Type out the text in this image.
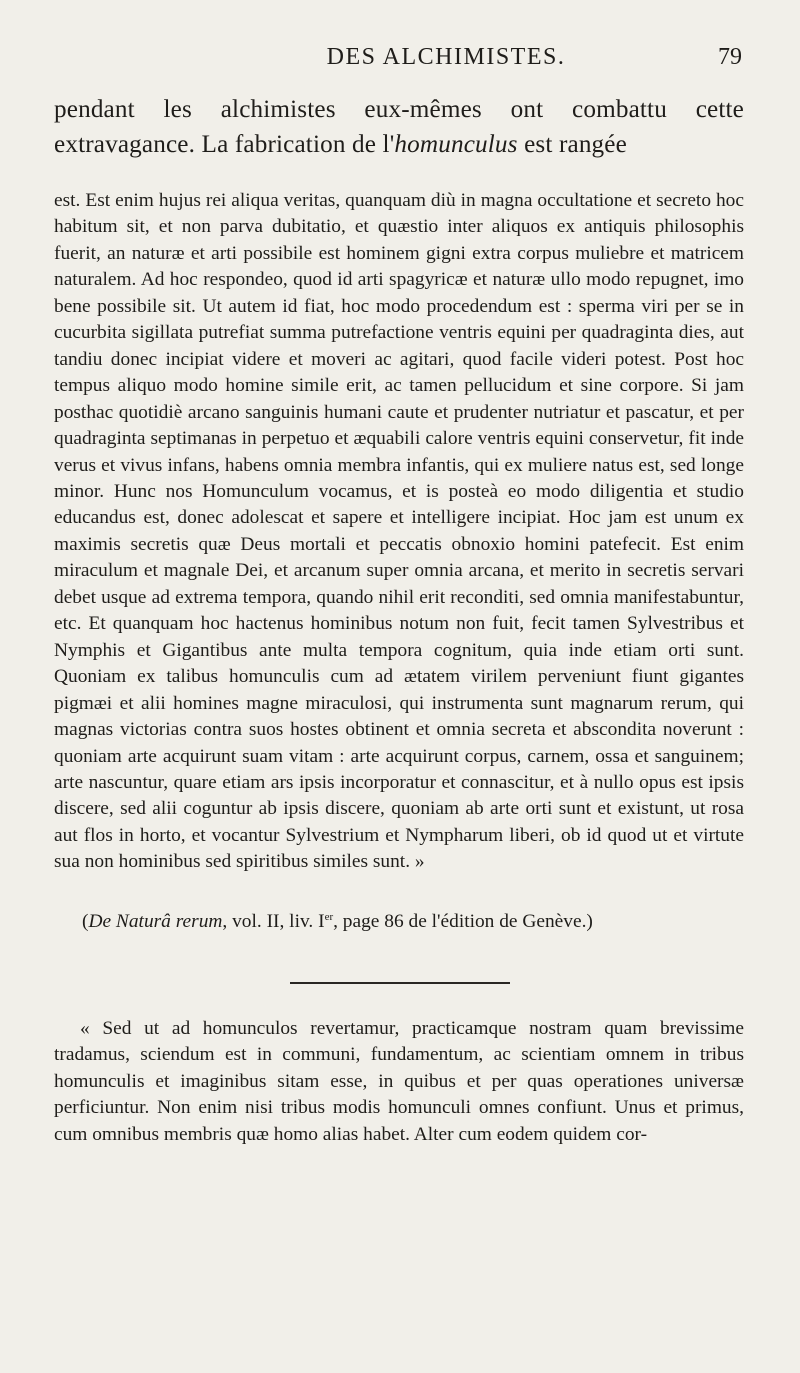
DES ALCHIMISTES.	79

pendant les alchimistes eux-mêmes ont combattu cette extravagance. La fabrication de l'homunculus est rangée

est. Est enim hujus rei aliqua veritas, quanquam diù in magna occultatione et secreto hoc habitum sit, et non parva dubitatio, et quæstio inter aliquos ex antiquis philosophis fuerit, an naturæ et arti possibile est hominem gigni extra corpus muliebre et matricem naturalem. Ad hoc respondeo, quod id arti spagyricæ et naturæ ullo modo repugnet, imo bene possibile sit. Ut autem id fiat, hoc modo procedendum est : sperma viri per se in cucurbita sigillata putrefiat summa putrefactione ventris equini per quadraginta dies, aut tandiu donec incipiat videre et moveri ac agitari, quod facile videri potest. Post hoc tempus aliquo modo homine simile erit, ac tamen pellucidum et sine corpore. Si jam posthac quotidiè arcano sanguinis humani caute et prudenter nutriatur et pascatur, et per quadraginta septimanas in perpetuo et æquabili calore ventris equini conservetur, fit inde verus et vivus infans, habens omnia membra infantis, qui ex muliere natus est, sed longe minor. Hunc nos Homunculum vocamus, et is posteà eo modo diligentia et studio educandus est, donec adolescat et sapere et intelligere incipiat. Hoc jam est unum ex maximis secretis quæ Deus mortali et peccatis obnoxio homini patefecit. Est enim miraculum et magnale Dei, et arcanum super omnia arcana, et merito in secretis servari debet usque ad extrema tempora, quando nihil erit reconditi, sed omnia manifestabuntur, etc. Et quanquam hoc hactenus hominibus notum non fuit, fecit tamen Sylvestribus et Nymphis et Gigantibus ante multa tempora cognitum, quia inde etiam orti sunt. Quoniam ex talibus homunculis cum ad ætatem virilem perveniunt fiunt gigantes pigmæi et alii homines magne miraculosi, qui instrumenta sunt magnarum rerum, qui magnas victorias contra suos hostes obtinent et omnia secreta et abscondita noverunt : quoniam arte acquirunt suam vitam : arte acquirunt corpus, carnem, ossa et sanguinem; arte nascuntur, quare etiam ars ipsis incorporatur et connascitur, et à nullo opus est ipsis discere, sed alii coguntur ab ipsis discere, quoniam ab arte orti sunt et existunt, ut rosa aut flos in horto, et vocantur Sylvestrium et Nympharum liberi, ob id quod ut et virtute sua non hominibus sed spiritibus similes sunt. »

(De Naturâ rerum, vol. II, liv. Ier, page 86 de l'édition de Genève.)

« Sed ut ad homunculos revertamur, practicamque nostram quam brevissime tradamus, sciendum est in communi, fundamentum, ac scientiam omnem in tribus homunculis et imaginibus sitam esse, in quibus et per quas operationes universæ perficiuntur. Non enim nisi tribus modis homunculi omnes confiunt. Unus et primus, cum omnibus membris quæ homo alias habet. Alter cum eodem quidem cor-
